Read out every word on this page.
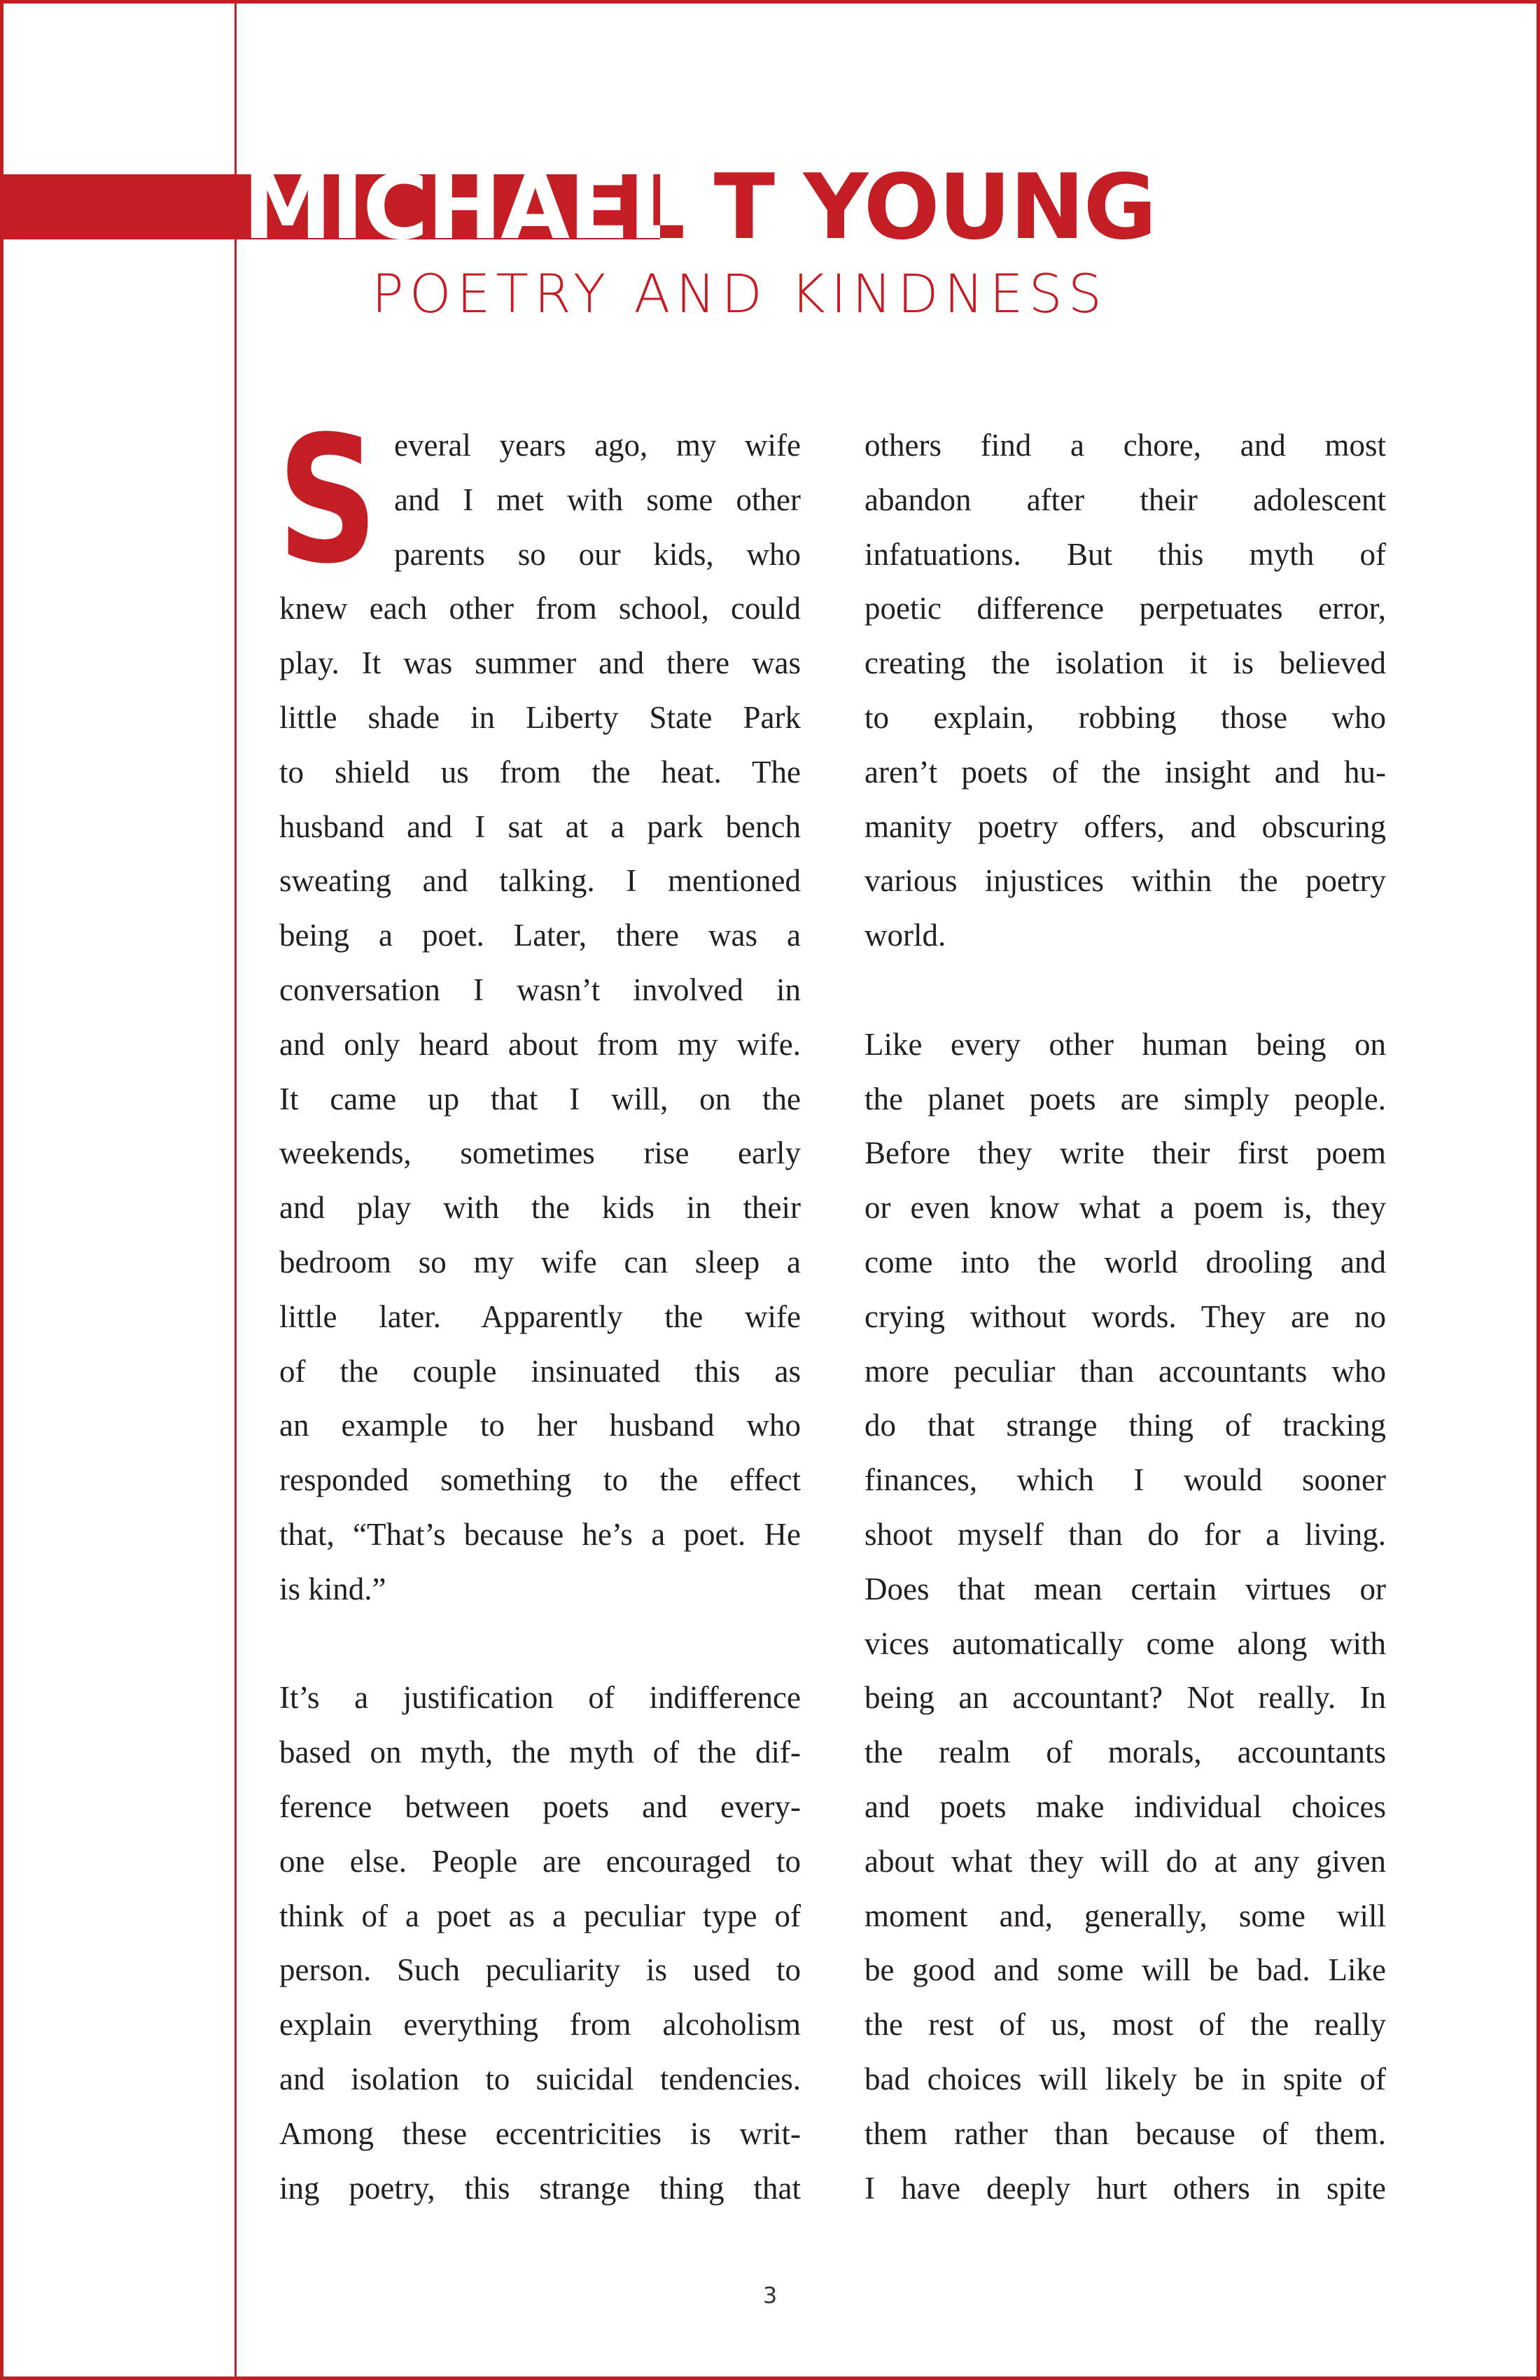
MICHAEL T YOUNG
POETRY AND KINDNESS
S everal years ago, my wife
and I met with some other
parents so our kids, who
knew each other from school, could
play. It was summer and there was
little shade in Liberty State Park
to shield us from the heat. The
husband and I sat at a park bench
sweating and talking. I mentioned
being a poet. Later, there was a
conversation I wasn’t involved in
and only heard about from my wife.
It came up that I will, on the
weekends, sometimes rise early
and play with the kids in their
bedroom so my wife can sleep a
little later. Apparently the wife
of the couple insinuated this as
an example to her husband who
responded something to the effect
that, “That’s because he’s a poet. He
is kind.”
It’s a justification of indifference
based on myth, the myth of the dif-
ference between poets and every-
one else. People are encouraged to
think of a poet as a peculiar type of
person. Such peculiarity is used to
explain everything from alcoholism
and isolation to suicidal tendencies.
Among these eccentricities is writ-
ing poetry, this strange thing that
others find a chore, and most
abandon after their adolescent
infatuations. But this myth of
poetic difference perpetuates error,
creating the isolation it is believed
to explain, robbing those who
aren’t poets of the insight and hu-
manity poetry offers, and obscuring
various injustices within the poetry
world.
Like every other human being on
the planet poets are simply people.
Before they write their first poem
or even know what a poem is, they
come into the world drooling and
crying without words. They are no
more peculiar than accountants who
do that strange thing of tracking
finances, which I would sooner
shoot myself than do for a living.
Does that mean certain virtues or
vices automatically come along with
being an accountant? Not really. In
the realm of morals, accountants
and poets make individual choices
about what they will do at any given
moment and, generally, some will
be good and some will be bad. Like
the rest of us, most of the really
bad choices will likely be in spite of
them rather than because of them.
I have deeply hurt others in spite
3
